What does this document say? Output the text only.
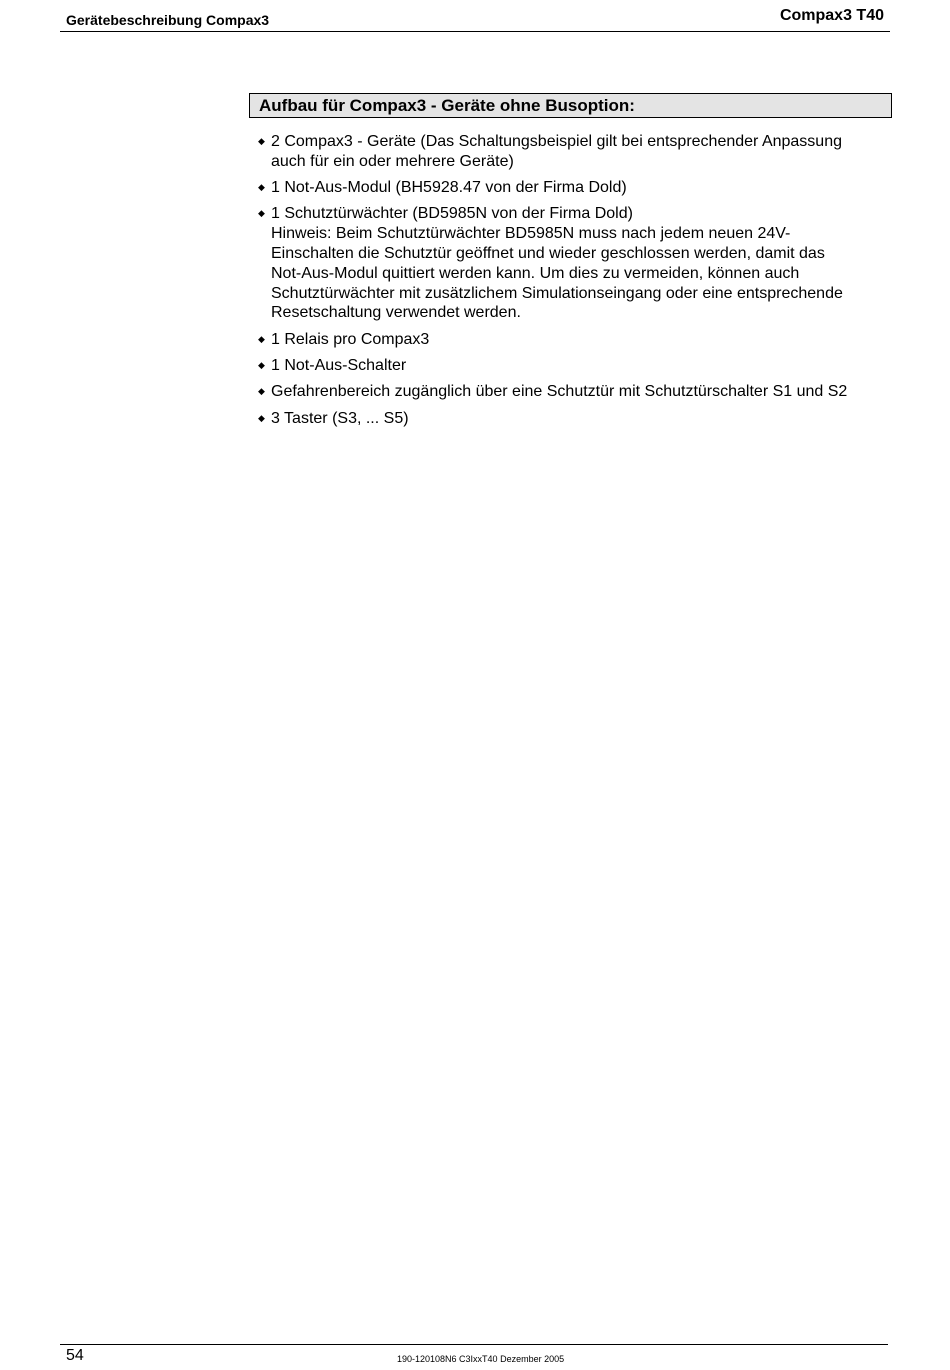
Gerätebeschreibung Compax3	Compax3 T40
Aufbau für Compax3 - Geräte ohne Busoption:
◆ 2 Compax3 - Geräte (Das Schaltungsbeispiel gilt bei entsprechender Anpassung
auch für ein oder mehrere Geräte)
◆ 1 Not-Aus-Modul (BH5928.47 von der Firma Dold)
◆ 1 Schutztürwächter (BD5985N von der Firma Dold)
Hinweis: Beim Schutztürwächter BD5985N muss nach jedem neuen 24V-
Einschalten die Schutztür geöffnet und wieder geschlossen werden, damit das
Not-Aus-Modul quittiert werden kann. Um dies zu vermeiden, können auch
Schutztürwächter mit zusätzlichem Simulationseingang oder eine entsprechende
Resetschaltung verwendet werden.
◆ 1 Relais pro Compax3
◆ 1 Not-Aus-Schalter
◆ Gefahrenbereich zugänglich über eine Schutztür mit Schutztürschalter S1 und S2
◆ 3 Taster (S3, ... S5)
54	190-120108N6 C3IxxT40 Dezember 2005
